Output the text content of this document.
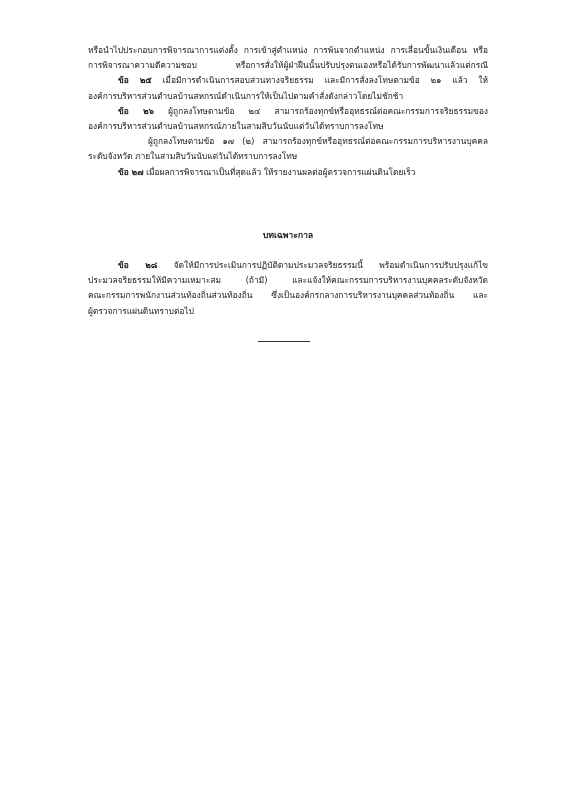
หรือนำไปประกอบการพิจารณาการแต่งตั้ง การเข้าสู่ตำแหน่ง การพ้นจากตำแหน่ง การเลื่อนขั้นเงินเดือน หรือ
การพิจารณาความดีความชอบ หรือการสั่งให้ผู้ฝ่าฝืนนั้นปรับปรุงตนเองหรือได้รับการพัฒนาแล้วแต่กรณี
ข้อ ๒๕ เมื่อมีการดำเนินการสอบสวนทางจริยธรรม และมีการสั่งลงโทษตามข้อ ๒๑ แล้ว ให้
องค์การบริหารส่วนตำบลบ้านสหกรณ์ดำเนินการให้เป็นไปตามคำสั่งดังกล่าวโดยไม่ชักช้า
ข้อ ๒๖ ผู้ถูกลงโทษตามข้อ ๒๔ สามารถร้องทุกข์หรืออุทธรณ์ต่อคณะกรรมการจริยธรรมของ
องค์การบริหารส่วนตำบลบ้านสหกรณ์ภายในสามสิบวันนับแต่วันได้ทราบการลงโทษ
ผู้ถูกลงโทษตามข้อ ๑๗ (๒) สามารถร้องทุกข์หรืออุทธรณ์ต่อคณะกรรมการบริหารงานบุคคล
ระดับจังหวัด ภายในสามสิบวันนับแต่วันได้ทราบการลงโทษ
ข้อ ๒๗ เมื่อผลการพิจารณาเป็นที่สุดแล้ว ให้รายงานผลต่อผู้ตรวจการแผ่นดินโดยเร็ว
บทเฉพาะกาล
ข้อ ๒๘ จัดให้มีการประเมินการปฏิบัติตามประมวลจริยธรรมนี้ พร้อมดำเนินการปรับปรุงแก้ไข
ประมวลจริยธรรมให้มีความเหมาะสม (ถ้ามี) และแจ้งให้คณะกรรมการบริหารงานบุคคลระดับจังหวัด
คณะกรรมการพนักงานส่วนท้องถิ่นส่วนท้องถิ่น ซึ่งเป็นองค์กรกลางการบริหารงานบุคคลส่วนท้องถิ่น และ
ผู้ตรวจการแผ่นดินทราบต่อไป
